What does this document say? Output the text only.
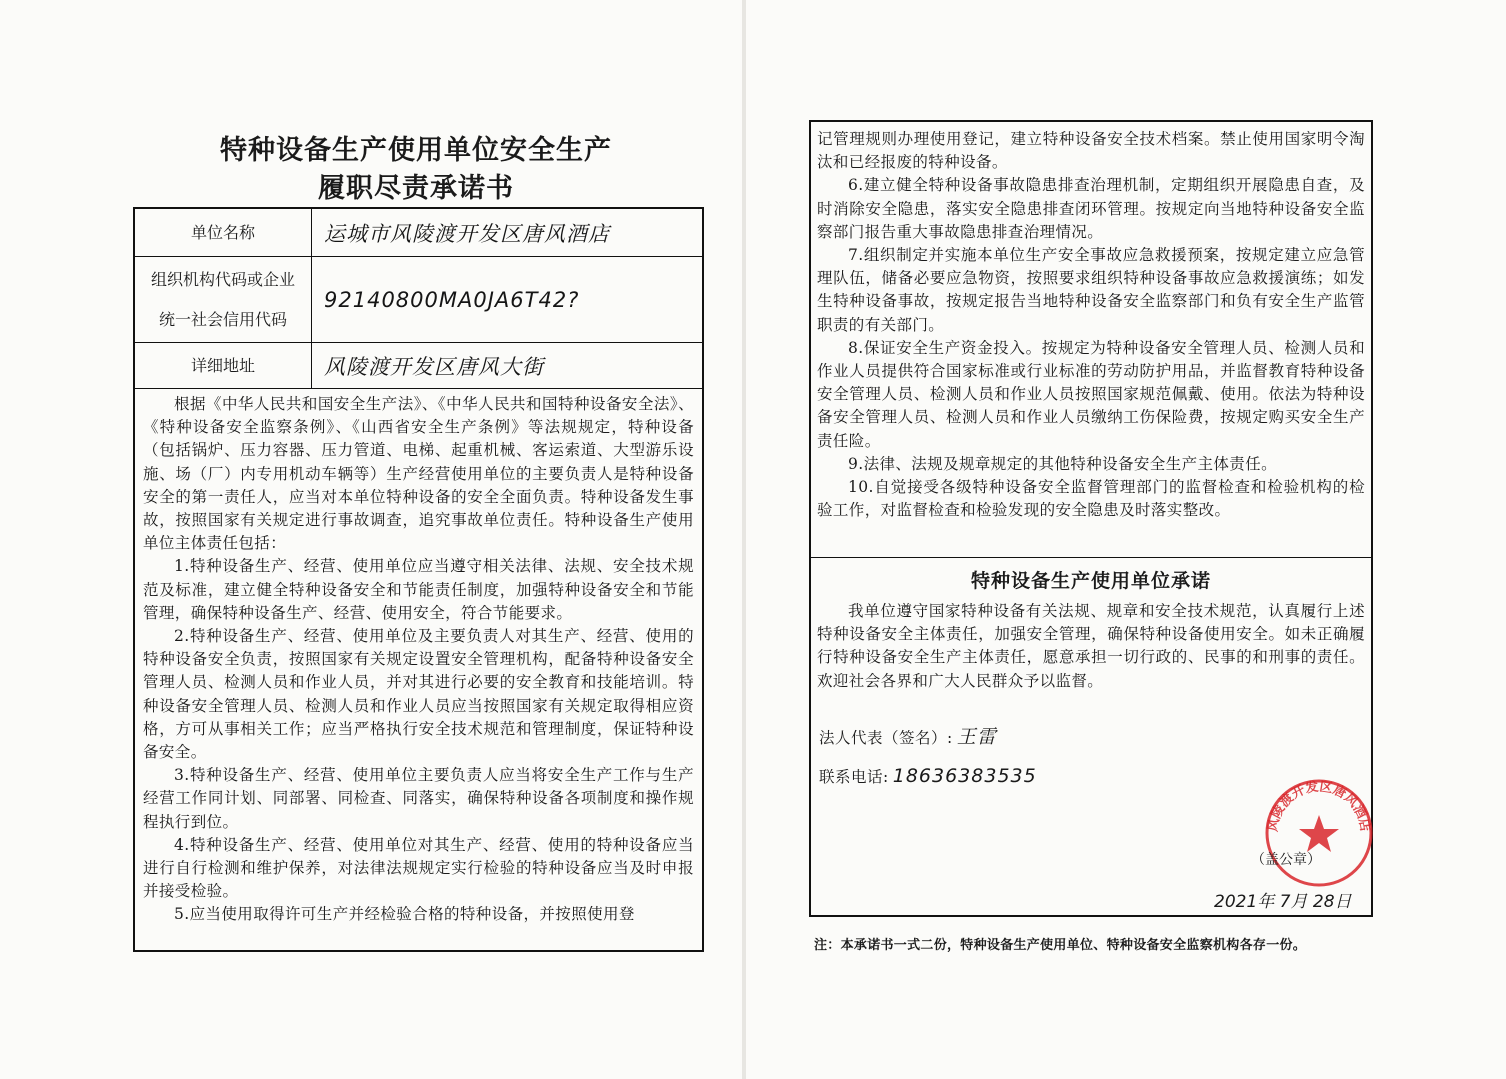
特种设备生产使用单位安全生产
履职尽责承诺书
单位名称	运城市风陵渡开发区唐风酒店
组织机构代码或企业
统一社会信用代码
92140800MA0JA6T42?
详细地址	风陵渡开发区唐风大街

根据《中华人民共和国安全生产法》、《中华人民共和国特种设备安全法》、《特种设备安全监察条例》、《山西省安全生产条例》等法规规定，特种设备（包括锅炉、压力容器、压力管道、电梯、起重机械、客运索道、大型游乐设施、场（厂）内专用机动车辆等）生产经营使用单位的主要负责人是特种设备安全的第一责任人，应当对本单位特种设备的安全全面负责。特种设备发生事故，按照国家有关规定进行事故调查，追究事故单位责任。特种设备生产使用单位主体责任包括：

1.特种设备生产、经营、使用单位应当遵守相关法律、法规、安全技术规范及标准，建立健全特种设备安全和节能责任制度，加强特种设备安全和节能管理，确保特种设备生产、经营、使用安全，符合节能要求。

2.特种设备生产、经营、使用单位及主要负责人对其生产、经营、使用的特种设备安全负责，按照国家有关规定设置安全管理机构，配备特种设备安全管理人员、检测人员和作业人员，并对其进行必要的安全教育和技能培训。特种设备安全管理人员、检测人员和作业人员应当按照国家有关规定取得相应资格，方可从事相关工作；应当严格执行安全技术规范和管理制度，保证特种设备安全。

3.特种设备生产、经营、使用单位主要负责人应当将安全生产工作与生产经营工作同计划、同部署、同检查、同落实，确保特种设备各项制度和操作规程执行到位。

4.特种设备生产、经营、使用单位对其生产、经营、使用的特种设备应当进行自行检测和维护保养，对法律法规规定实行检验的特种设备应当及时申报并接受检验。

5.应当使用取得许可生产并经检验合格的特种设备，并按照使用登

记管理规则办理使用登记，建立特种设备安全技术档案。禁止使用国家明令淘汰和已经报废的特种设备。

6.建立健全特种设备事故隐患排查治理机制，定期组织开展隐患自查，及时消除安全隐患，落实安全隐患排查闭环管理。按规定向当地特种设备安全监察部门报告重大事故隐患排查治理情况。

7.组织制定并实施本单位生产安全事故应急救援预案，按规定建立应急管理队伍，储备必要应急物资，按照要求组织特种设备事故应急救援演练；如发生特种设备事故，按规定报告当地特种设备安全监察部门和负有安全生产监管职责的有关部门。

8.保证安全生产资金投入。按规定为特种设备安全管理人员、检测人员和作业人员提供符合国家标准或行业标准的劳动防护用品，并监督教育特种设备安全管理人员、检测人员和作业人员按照国家规范佩戴、使用。依法为特种设备安全管理人员、检测人员和作业人员缴纳工伤保险费，按规定购买安全生产责任险。

9.法律、法规及规章规定的其他特种设备安全生产主体责任。

10.自觉接受各级特种设备安全监督管理部门的监督检查和检验机构的检验工作，对监督检查和检验发现的安全隐患及时落实整改。

特种设备生产使用单位承诺

我单位遵守国家特种设备有关法规、规章和安全技术规范，认真履行上述特种设备安全主体责任，加强安全管理，确保特种设备使用安全。如未正确履行特种设备安全生产主体责任，愿意承担一切行政的、民事的和刑事的责任。欢迎社会各界和广大人民群众予以监督。

法人代表（签名）: 王雷
联系电话: 18636383535
风陵渡开发区唐风酒店
（盖公章）
2021年 7月 28日

注：本承诺书一式二份，特种设备生产使用单位、特种设备安全监察机构各存一份。
